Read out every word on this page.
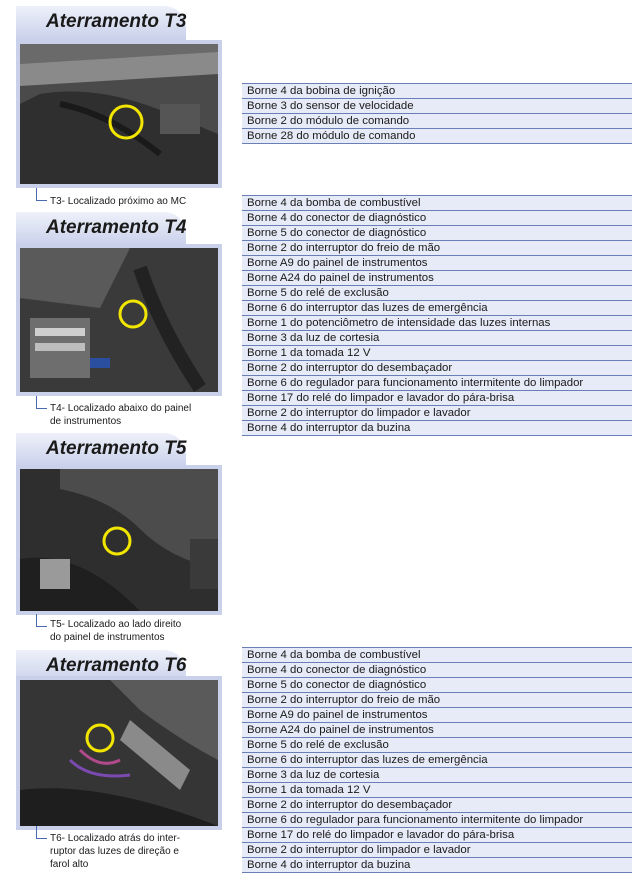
Aterramento T3
T3- Localizado próximo ao MC
Borne 4 da bobina de ignição
Borne 3 do sensor de velocidade
Borne 2 do módulo de comando
Borne 28 do módulo de comando
Aterramento T4
T4- Localizado abaixo do painel
de instrumentos
Borne 4 da bomba de combustível
Borne 4 do conector de diagnóstico
Borne 5 do conector de diagnóstico
Borne 2 do interruptor do freio de mão
Borne A9 do painel de instrumentos
Borne A24 do painel de instrumentos
Borne 5 do relé de exclusão
Borne 6 do interruptor das luzes de emergência
Borne 1 do potenciômetro de intensidade das luzes internas
Borne 3 da luz de cortesia
Borne 1 da tomada 12 V
Borne 2 do interruptor do desembaçador
Borne 6 do regulador para funcionamento intermitente do limpador
Borne 17 do relé do limpador e lavador do pára-brisa
Borne 2 do interruptor do limpador e lavador
Borne 4 do interruptor da buzina
Aterramento T5
T5- Localizado ao lado direito
do painel de instrumentos
Aterramento T6
T6- Localizado atrás do inter-
ruptor das luzes de direção e
farol alto
Borne 4 da bomba de combustível
Borne 4 do conector de diagnóstico
Borne 5 do conector de diagnóstico
Borne 2 do interruptor do freio de mão
Borne A9 do painel de instrumentos
Borne A24 do painel de instrumentos
Borne 5 do relé de exclusão
Borne 6 do interruptor das luzes de emergência
Borne 3 da luz de cortesia
Borne 1 da tomada 12 V
Borne 2 do interruptor do desembaçador
Borne 6 do regulador para funcionamento intermitente do limpador
Borne 17 do relé do limpador e lavador do pára-brisa
Borne 2 do interruptor do limpador e lavador
Borne 4 do interruptor da buzina
